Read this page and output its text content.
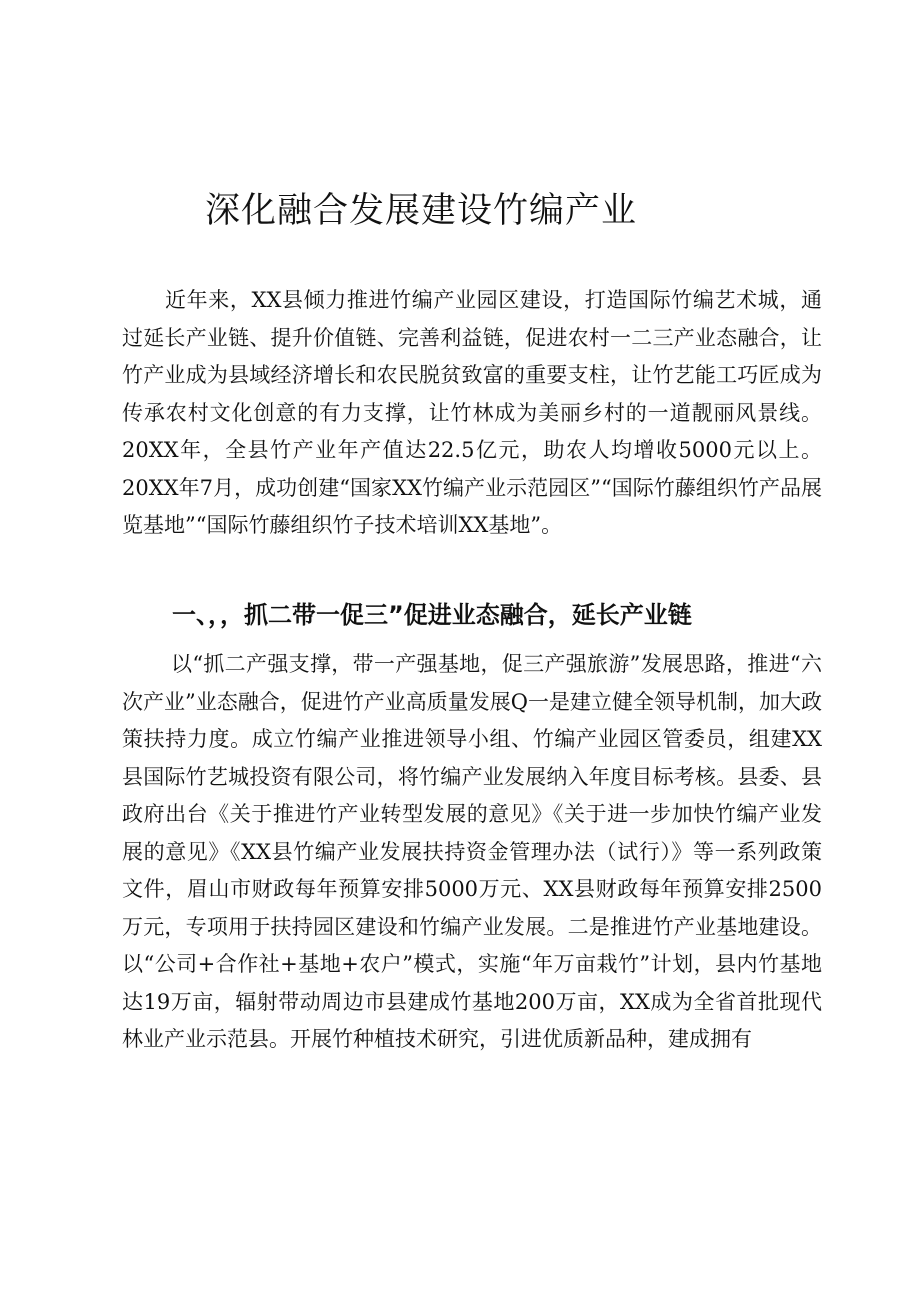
深化融合发展建设竹编产业

近年来，XX县倾力推进竹编产业园区建设，打造国际竹编艺术城，通过延长产业链、提升价值链、完善利益链，促进农村一二三产业态融合，让竹产业成为县域经济增长和农民脱贫致富的重要支柱，让竹艺能工巧匠成为传承农村文化创意的有力支撑，让竹林成为美丽乡村的一道靓丽风景线。20XX年，全县竹产业年产值达22.5亿元，助农人均增收5000元以上。20XX年7月，成功创建“国家XX竹编产业示范园区”“国际竹藤组织竹产品展览基地”“国际竹藤组织竹子技术培训XX基地”。

一、，，抓二带一促三”促进业态融合，延长产业链

以“抓二产强支撑，带一产强基地，促三产强旅游”发展思路，推进“六次产业”业态融合，促进竹产业高质量发展Q一是建立健全领导机制，加大政策扶持力度。成立竹编产业推进领导小组、竹编产业园区管委员，组建XX县国际竹艺城投资有限公司，将竹编产业发展纳入年度目标考核。县委、县政府出台《关于推进竹产业转型发展的意见》《关于进一步加快竹编产业发展的意见》《XX县竹编产业发展扶持资金管理办法（试行）》等一系列政策文件，眉山市财政每年预算安排5000万元、XX县财政每年预算安排2500万元，专项用于扶持园区建设和竹编产业发展。二是推进竹产业基地建设。以“公司+合作社+基地+农户”模式，实施“年万亩栽竹”计划，县内竹基地达19万亩，辐射带动周边市县建成竹基地200万亩，XX成为全省首批现代林业产业示范县。开展竹种植技术研究，引进优质新品种，建成拥有
